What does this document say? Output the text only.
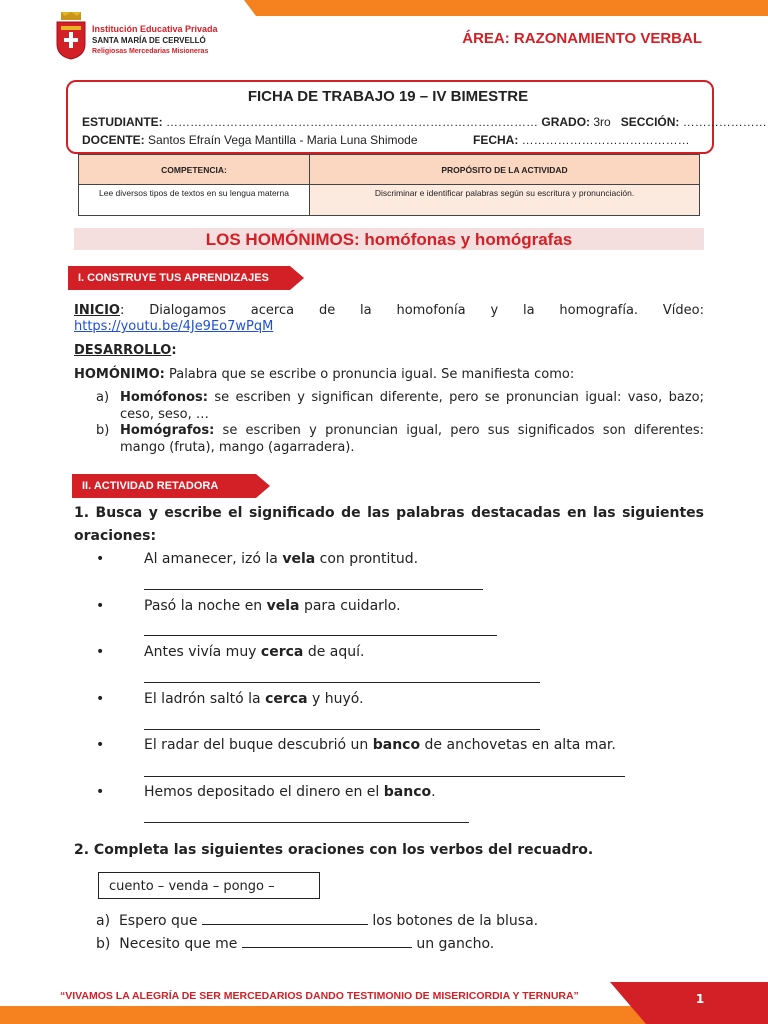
Institución Educativa Privada
SANTA MARÍA DE CERVELLÓ
Religiosas Mercedarias Misioneras
ÁREA: RAZONAMIENTO VERBAL
FICHA DE TRABAJO 19 – IV BIMESTRE
ESTUDIANTE: ………………………………………………………………………………… GRADO: 3ro SECCIÓN: …………………
DOCENTE: Santos Efraín Vega Mantilla - Maria Luna Shimode	FECHA: ……………………………………
COMPETENCIA:	PROPÓSITO DE LA ACTIVIDAD
Lee diversos tipos de textos en su lengua materna	Discriminar e identificar palabras según su escritura y pronunciación.
LOS HOMÓNIMOS: homófonas y homógrafas
I. CONSTRUYE TUS APRENDIZAJES
INICIO: Dialogamos acerca de la homofonía y la homografía. Vídeo:
https://youtu.be/4Je9Eo7wPqM
DESARROLLO:
HOMÓNIMO: Palabra que se escribe o pronuncia igual. Se manifiesta como:
a) Homófonos: se escriben y significan diferente, pero se pronuncian igual: vaso, bazo;
ceso, seso, …
b) Homógrafos: se escriben y pronuncian igual, pero sus significados son diferentes:
mango (fruta), mango (agarradera).
II. ACTIVIDAD RETADORA
1. Busca y escribe el significado de las palabras destacadas en las siguientes
oraciones:
•	Al amanecer, izó la vela con prontitud.
•	Pasó la noche en vela para cuidarlo.
•	Antes vivía muy cerca de aquí.
•	El ladrón saltó la cerca y huyó.
•	El radar del buque descubrió un banco de anchovetas en alta mar.
•	Hemos depositado el dinero en el banco.
2. Completa las siguientes oraciones con los verbos del recuadro.
cuento – venda – pongo –
a) Espero que	los botones de la blusa.
b) Necesito que me	un gancho.
“VIVAMOS LA ALEGRÍA DE SER MERCEDARIOS DANDO TESTIMONIO DE MISERICORDIA Y TERNURA”	1
